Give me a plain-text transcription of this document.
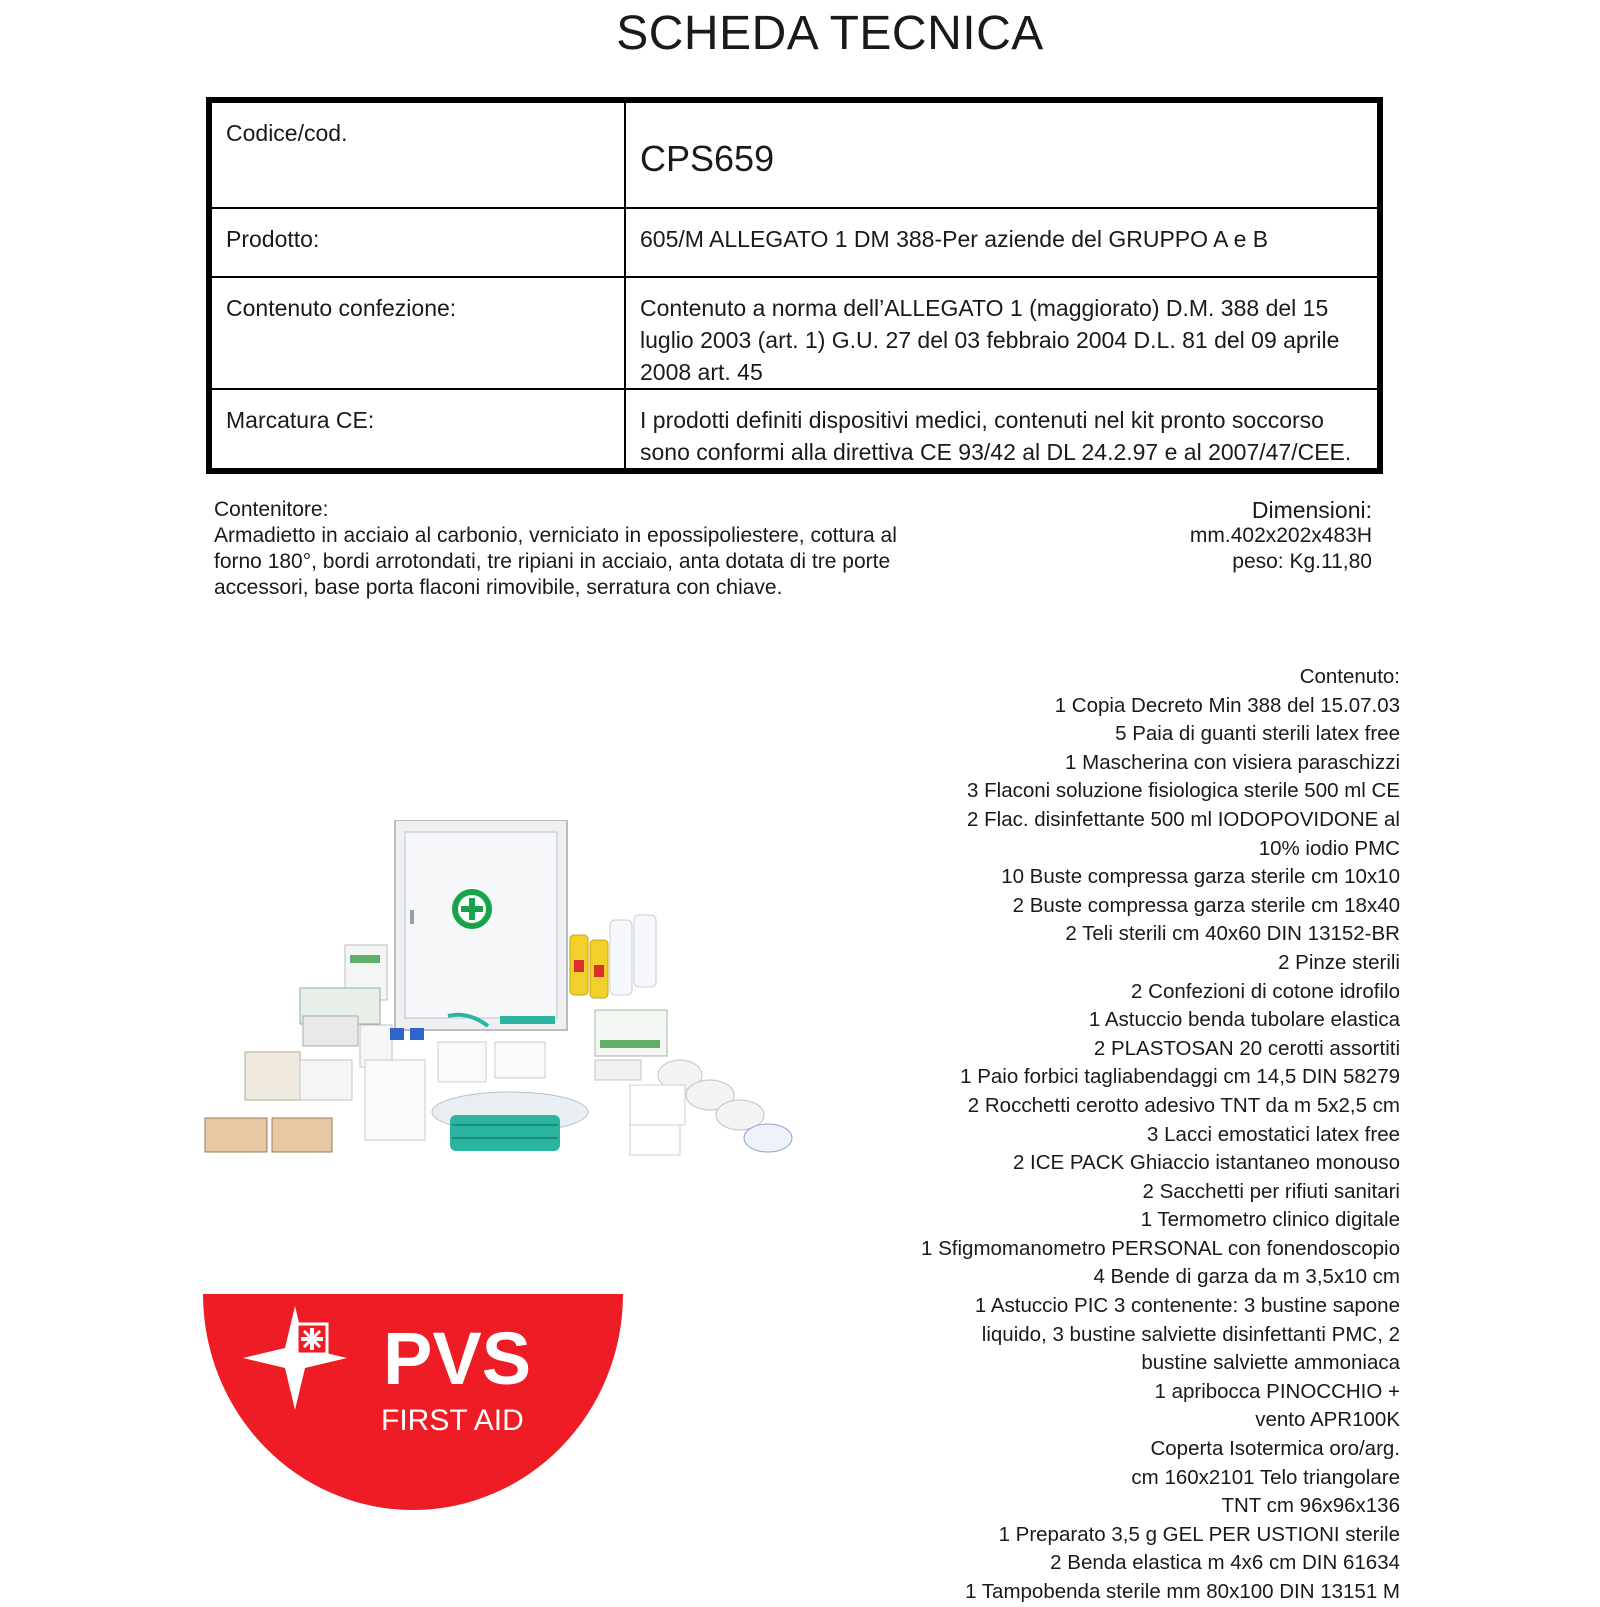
SCHEDA TECNICA
Codice/cod.	CPS659
Prodotto:	605/M ALLEGATO 1 DM 388-Per aziende del GRUPPO A e B
Contenuto confezione:	Contenuto a norma dell’ALLEGATO 1 (maggiorato) D.M. 388 del 15 luglio 2003 (art. 1) G.U. 27 del 03 febbraio 2004 D.L. 81 del 09 aprile 2008 art. 45
Marcatura CE:	I prodotti definiti dispositivi medici, contenuti nel kit pronto soccorso sono conformi alla direttiva CE 93/42 al DL 24.2.97 e al 2007/47/CEE.
Contenitore:
Armadietto in acciaio al carbonio, verniciato in epossipoliestere, cottura al forno 180°, bordi arrotondati, tre ripiani in acciaio, anta dotata di tre porte accessori, base porta flaconi rimovibile, serratura con chiave.
Dimensioni:
mm.402x202x483H
peso: Kg.11,80
Contenuto:
1 Copia Decreto Min 388 del 15.07.03
5 Paia di guanti sterili latex free
1 Mascherina con visiera paraschizzi
3 Flaconi soluzione fisiologica sterile 500 ml CE
2 Flac. disinfettante 500 ml IODOPOVIDONE al
10% iodio PMC
10 Buste compressa garza sterile cm 10x10
2 Buste compressa garza sterile cm 18x40
2 Teli sterili cm 40x60 DIN 13152-BR
2 Pinze sterili
2 Confezioni di cotone idrofilo
1 Astuccio benda tubolare elastica
2 PLASTOSAN 20 cerotti assortiti
1 Paio forbici tagliabendaggi cm 14,5 DIN 58279
2 Rocchetti cerotto adesivo TNT da m 5x2,5 cm
3 Lacci emostatici latex free
2 ICE PACK Ghiaccio istantaneo monouso
2 Sacchetti per rifiuti sanitari
1 Termometro clinico digitale
1 Sfigmomanometro PERSONAL con fonendoscopio
4 Bende di garza da m 3,5x10 cm
1 Astuccio PIC 3 contenente: 3 bustine sapone
liquido, 3 bustine salviette disinfettanti PMC, 2
bustine salviette ammoniaca
1 apribocca PINOCCHIO +
vento APR100K
Coperta Isotermica oro/arg.
cm 160x2101 Telo triangolare
TNT cm 96x96x136
1 Preparato 3,5 g GEL PER USTIONI sterile
2 Benda elastica m 4x6 cm DIN 61634
1 Tampobenda sterile mm 80x100 DIN 13151 M
PVS
FIRST AID
